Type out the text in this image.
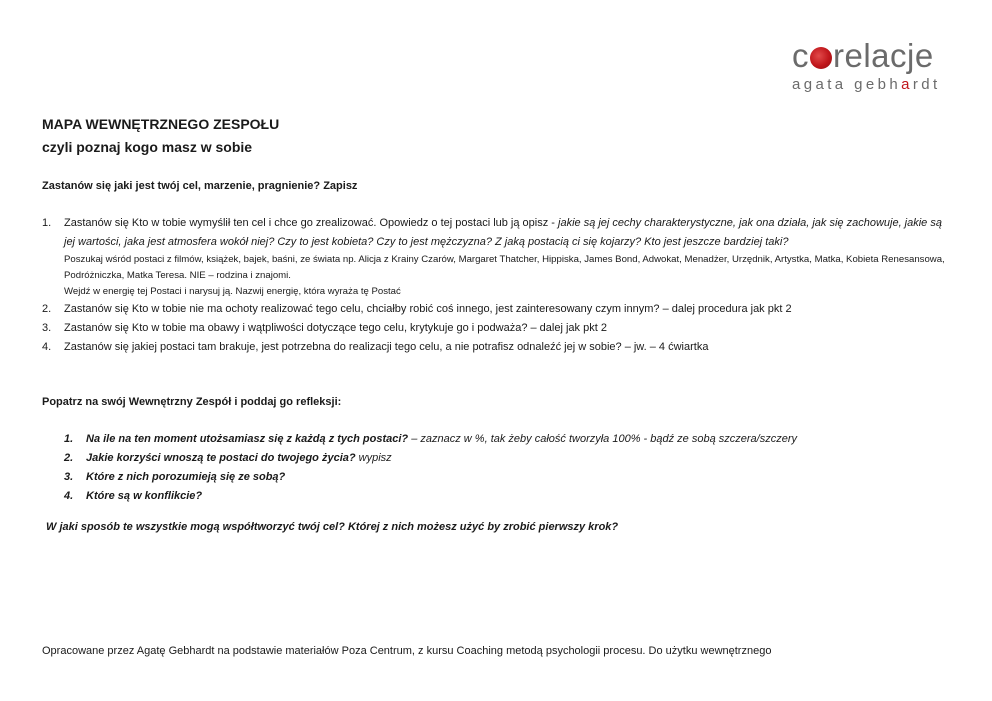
c relacje
agata gebhardt
MAPA WEWNĘTRZNEGO ZESPOŁU
czyli poznaj kogo masz w sobie
Zastanów się jaki jest twój cel, marzenie, pragnienie? Zapisz
1. Zastanów się Kto w tobie wymyślił ten cel i chce go zrealizować. Opowiedz o tej postaci lub ją opisz - jakie są jej cechy charakterystyczne, jak ona działa, jak się zachowuje, jakie są jej wartości, jaka jest atmosfera wokół niej? Czy to jest kobieta? Czy to jest mężczyzna? Z jaką postacią ci się kojarzy? Kto jest jeszcze bardziej taki?
Poszukaj wśród postaci z filmów, książek, bajek, baśni, ze świata np. Alicja z Krainy Czarów, Margaret Thatcher, Hippiska, James Bond, Adwokat, Menadżer, Urzędnik, Artystka, Matka, Kobieta Renesansowa, Podróżniczka, Matka Teresa. NIE – rodzina i znajomi.
Wejdź w energię tej Postaci i narysuj ją. Nazwij energię, która wyraża tę Postać
2. Zastanów się Kto w tobie nie ma ochoty realizować tego celu, chciałby robić coś innego, jest zainteresowany czym innym? – dalej procedura jak pkt 2
3. Zastanów się Kto w tobie ma obawy i wątpliwości dotyczące tego celu, krytykuje go i podważa? – dalej jak pkt 2
4. Zastanów się jakiej postaci tam brakuje, jest potrzebna do realizacji tego celu, a nie potrafisz odnaleźć jej w sobie? – jw. – 4 ćwiartka
Popatrz na swój Wewnętrzny Zespół i poddaj go refleksji:
1. Na ile na ten moment utożsamiasz się z każdą z tych postaci? – zaznacz w %, tak żeby całość tworzyła 100% - bądź ze sobą szczera/szczery
2. Jakie korzyści wnoszą te postaci do twojego życia? wypisz
3. Które z nich porozumieją się ze sobą?
4. Które są w konflikcie?
W jaki sposób te wszystkie mogą współtworzyć twój cel? Której z nich możesz użyć by zrobić pierwszy krok?
Opracowane przez Agatę Gebhardt na podstawie materiałów Poza Centrum, z kursu Coaching metodą psychologii procesu. Do użytku wewnętrznego
